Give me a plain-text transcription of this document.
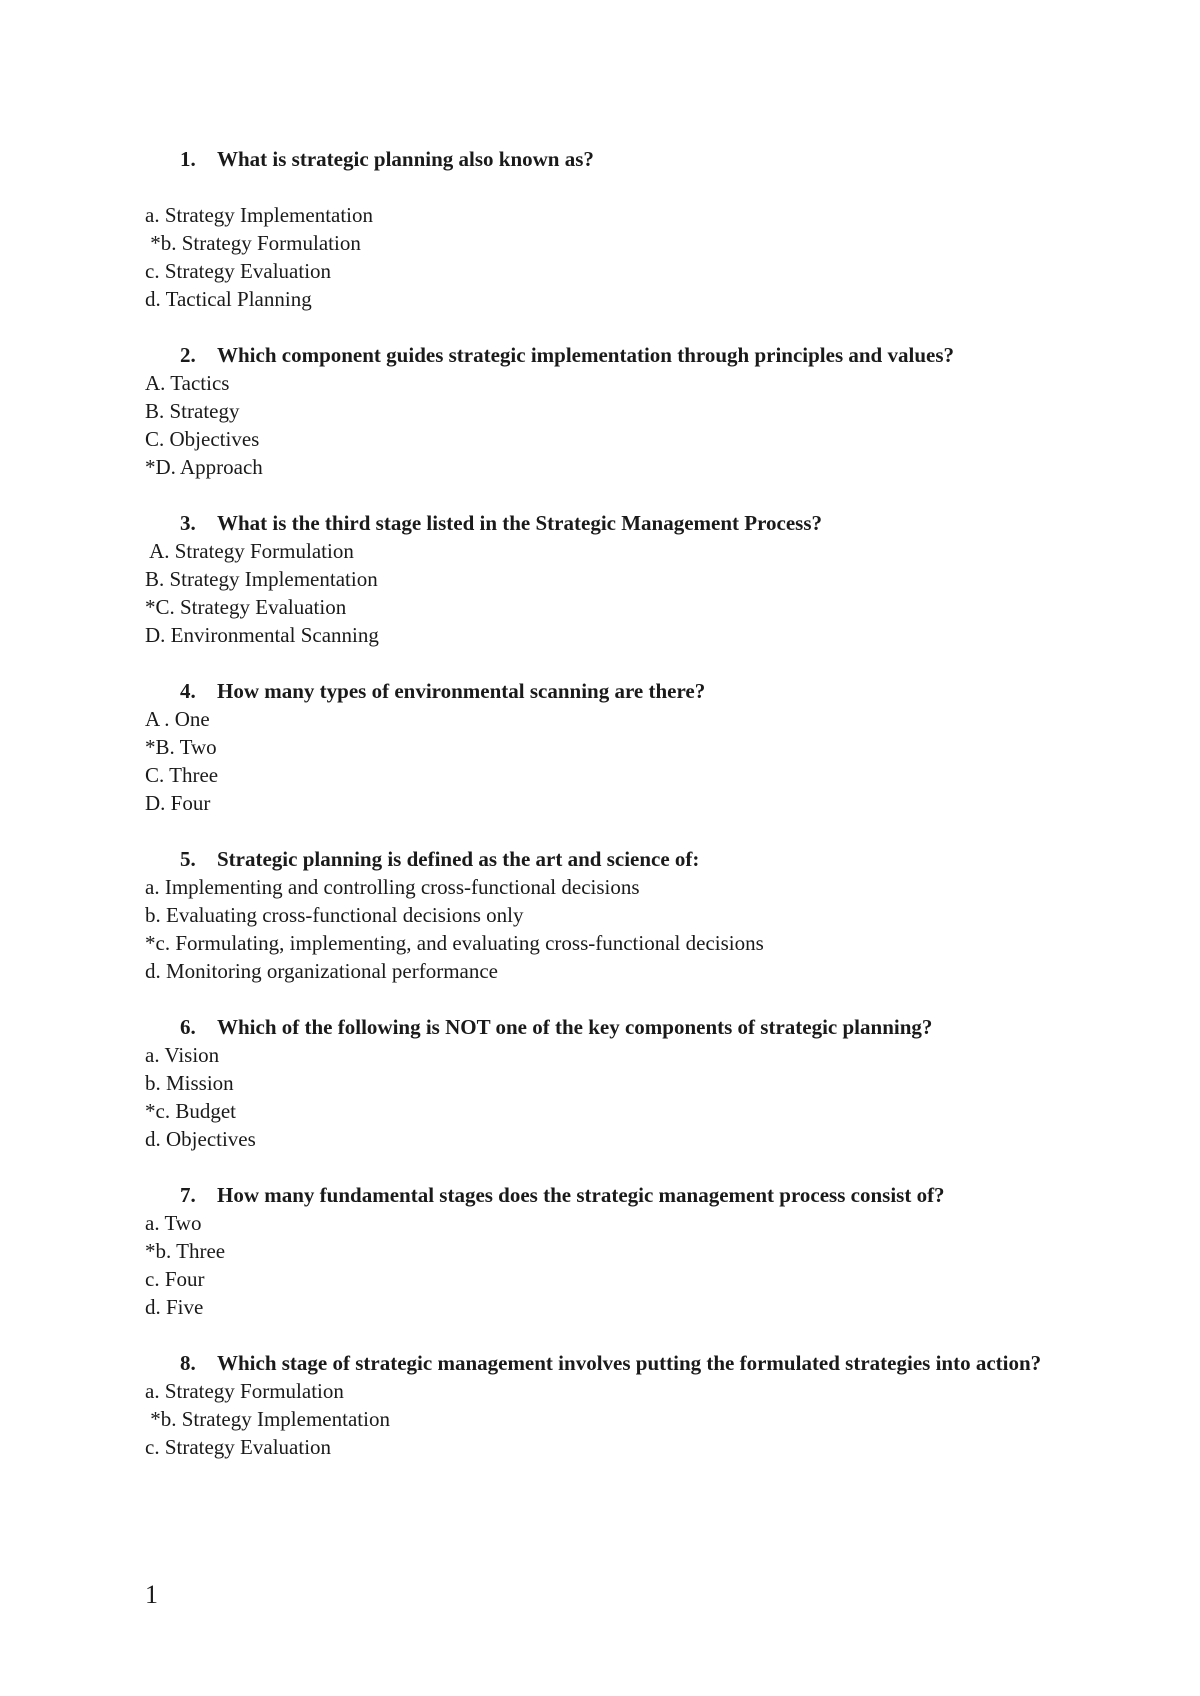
1.	What is strategic planning also known as?
a. Strategy Implementation
*b. Strategy Formulation
c. Strategy Evaluation
d. Tactical Planning
2.	Which component guides strategic implementation through principles and values?
A. Tactics
B. Strategy
C. Objectives
*D. Approach
3.	What is the third stage listed in the Strategic Management Process?
A. Strategy Formulation
B. Strategy Implementation
*C. Strategy Evaluation
D. Environmental Scanning
4.	How many types of environmental scanning are there?
A . One
*B. Two
C. Three
D. Four
5.	Strategic planning is defined as the art and science of:
a. Implementing and controlling cross-functional decisions
b. Evaluating cross-functional decisions only
*c. Formulating, implementing, and evaluating cross-functional decisions
d. Monitoring organizational performance
6.	Which of the following is NOT one of the key components of strategic planning?
a. Vision
b. Mission
*c. Budget
d. Objectives
7.	How many fundamental stages does the strategic management process consist of?
a. Two
*b. Three
c. Four
d. Five
8.	Which stage of strategic management involves putting the formulated strategies into action?
a. Strategy Formulation
*b. Strategy Implementation
c. Strategy Evaluation
1
